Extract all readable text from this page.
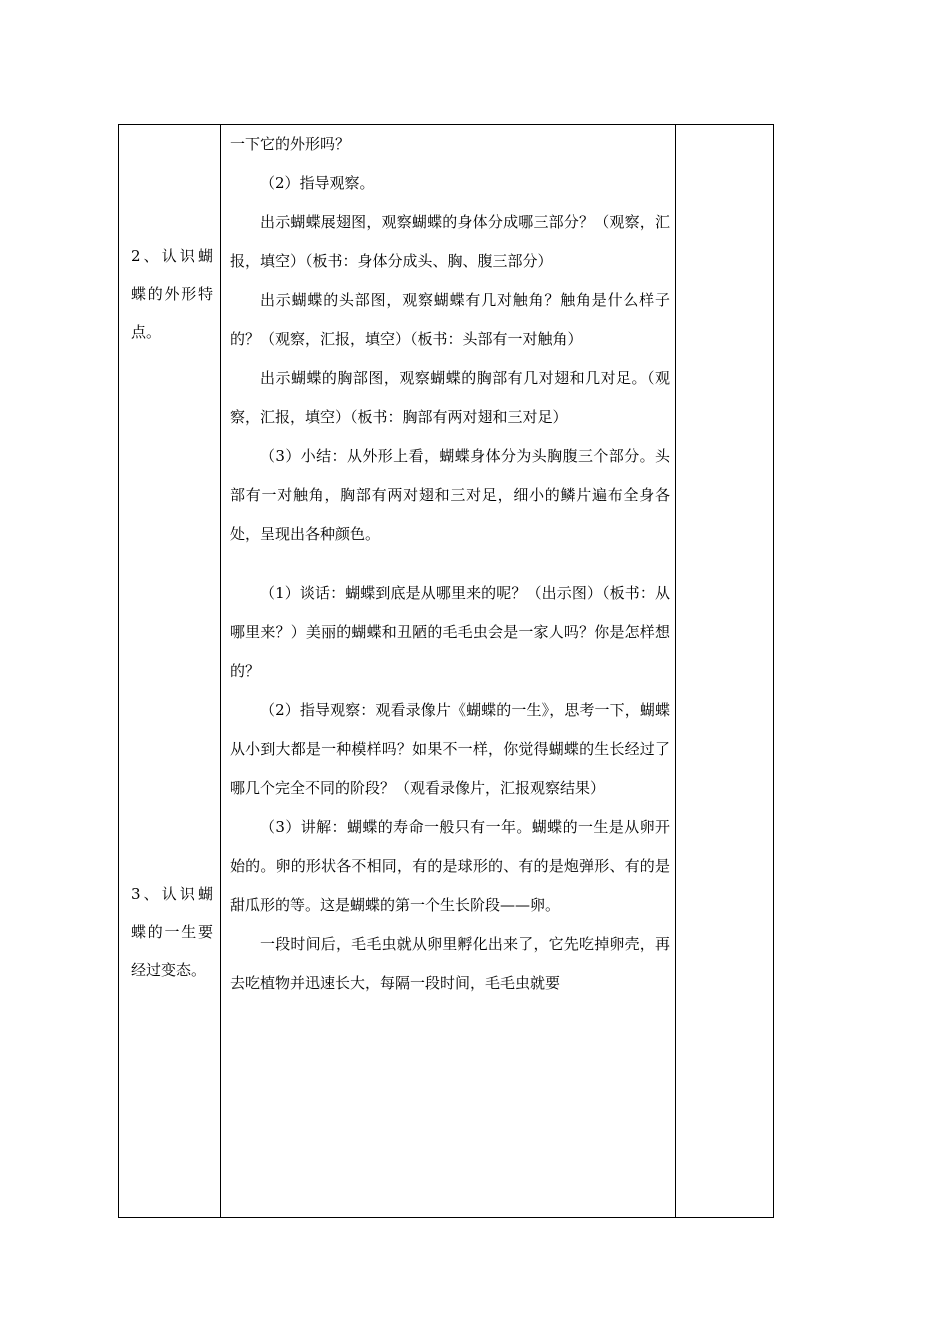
2、认识蝴蝶的外形特点。
3、认识蝴蝶的一生要经过变态。

一下它的外形吗？

（2）指导观察。

出示蝴蝶展翅图，观察蝴蝶的身体分成哪三部分？（观察，汇报，填空）（板书：身体分成头、胸、腹三部分）

出示蝴蝶的头部图，观察蝴蝶有几对触角？触角是什么样子的？（观察，汇报，填空）（板书：头部有一对触角）

出示蝴蝶的胸部图，观察蝴蝶的胸部有几对翅和几对足。（观察，汇报，填空）（板书：胸部有两对翅和三对足）

（3）小结：从外形上看，蝴蝶身体分为头胸腹三个部分。头部有一对触角，胸部有两对翅和三对足，细小的鳞片遍布全身各处，呈现出各种颜色。

（1）谈话：蝴蝶到底是从哪里来的呢？（出示图）（板书：从哪里来？）美丽的蝴蝶和丑陋的毛毛虫会是一家人吗？你是怎样想的？

（2）指导观察：观看录像片《蝴蝶的一生》，思考一下，蝴蝶从小到大都是一种模样吗？如果不一样，你觉得蝴蝶的生长经过了哪几个完全不同的阶段？（观看录像片，汇报观察结果）

（3）讲解：蝴蝶的寿命一般只有一年。蝴蝶的一生是从卵开始的。卵的形状各不相同，有的是球形的、有的是炮弹形、有的是甜瓜形的等。这是蝴蝶的第一个生长阶段——卵。

一段时间后，毛毛虫就从卵里孵化出来了，它先吃掉卵壳，再去吃植物并迅速长大，每隔一段时间，毛毛虫就要
